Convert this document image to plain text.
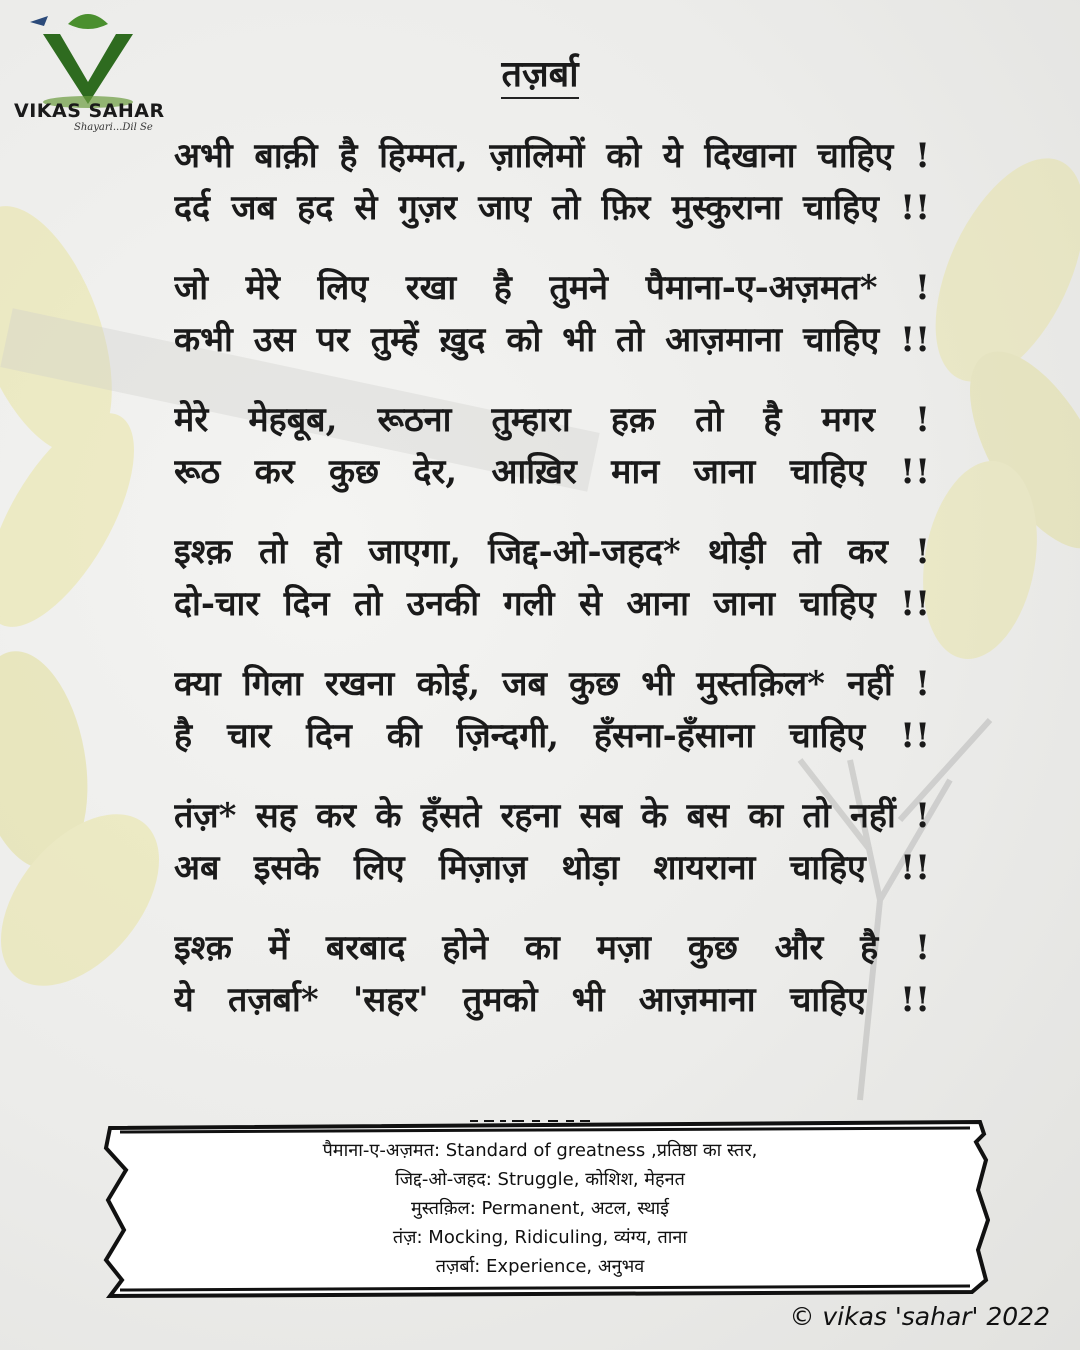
VIKAS SAHAR
Shayari...Dil Se
तज़र्बा
अभी बाक़ी है हिम्मत, ज़ालिमों को ये दिखाना चाहिए !
दर्द जब हद से गुज़र जाए तो फ़िर मुस्कुराना चाहिए !!
जो मेरे लिए रखा है तुमने पैमाना-ए-अज़मत* !
कभी उस पर तुम्हें ख़ुद को भी तो आज़माना चाहिए !!
मेरे मेहबूब, रूठना तुम्हारा हक़ तो है मगर !
रूठ कर कुछ देर, आख़िर मान जाना चाहिए !!
इश्क़ तो हो जाएगा, जिद्द-ओ-जहद* थोड़ी तो कर !
दो-चार दिन तो उनकी गली से आना जाना चाहिए !!
क्या गिला रखना कोई, जब कुछ भी मुस्तक़िल* नहीं !
है चार दिन की ज़िन्दगी, हँसना-हँसाना चाहिए !!
तंज़* सह कर के हँसते रहना सब के बस का तो नहीं !
अब इसके लिए मिज़ाज़ थोड़ा शायराना चाहिए !!
इश्क़ में बरबाद होने का मज़ा कुछ और है !
ये तज़र्बा* 'सहर' तुमको भी आज़माना चाहिए !!
पैमाना-ए-अज़मत: Standard of greatness ,प्रतिष्ठा का स्तर,
जिद्द-ओ-जहद: Struggle, कोशिश, मेहनत
मुस्तक़िल: Permanent, अटल, स्थाई
तंज़: Mocking, Ridiculing, व्यंग्य, ताना
तज़र्बा: Experience, अनुभव
© vikas 'sahar' 2022
